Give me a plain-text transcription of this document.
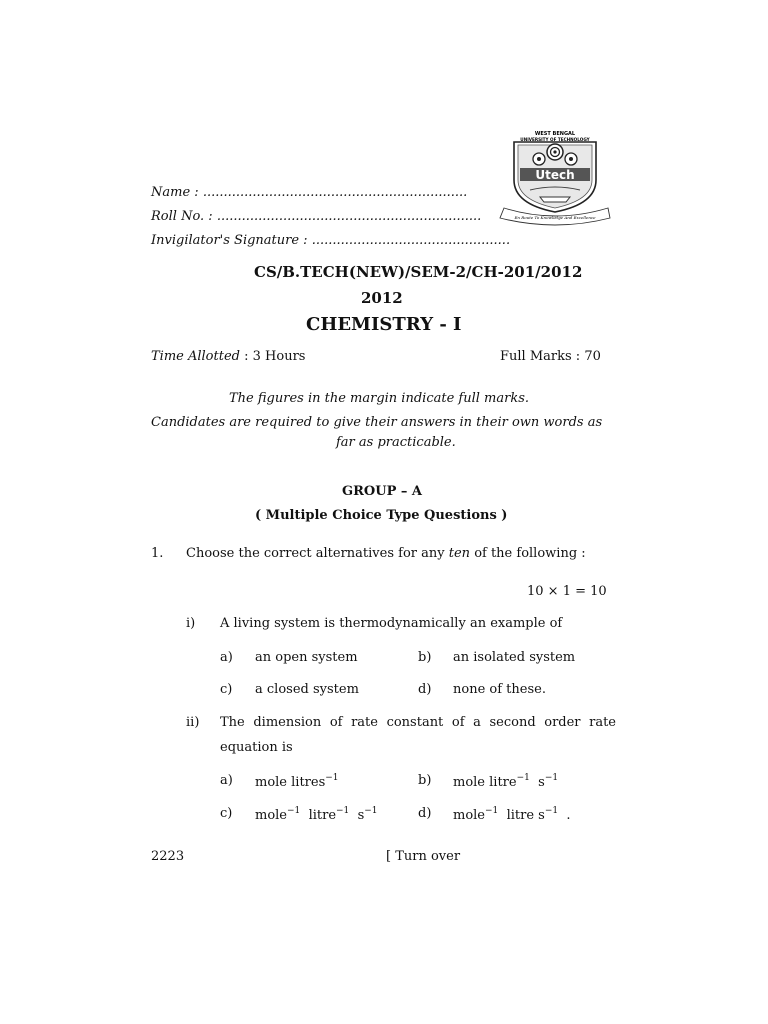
WEST BENGAL
UNIVERSITY OF TECHNOLOGY
Utech
En Route To Knowledge And Excellence
Name : ................................................................
Roll No. : ................................................................
Invigilator's Signature : ................................................
CS/B.TECH(NEW)/SEM-2/CH-201/2012
2012
CHEMISTRY - I
Time Allotted : 3 Hours	Full Marks : 70
The figures in the margin indicate full marks.
Candidates are required to give their answers in their own words as
far as practicable.
GROUP – A
( Multiple Choice Type Questions )
1. Choose the correct alternatives for any ten of the following :
10 × 1 = 10
i) A living system is thermodynamically an example of
a) an open system	b) an isolated system
c) a closed system	d) none of these.
ii) The dimension of rate constant of a second order rate
equation is
a) mole litres$^{-1}$	b) mole litre$^{-1}$ $s^{-1}$
c) mole$^{-1}$ litre$^{-1}$ $s^{-1}$	d) mole$^{-1}$ litre $s^{-1}$ .
2223	[ Turn over
